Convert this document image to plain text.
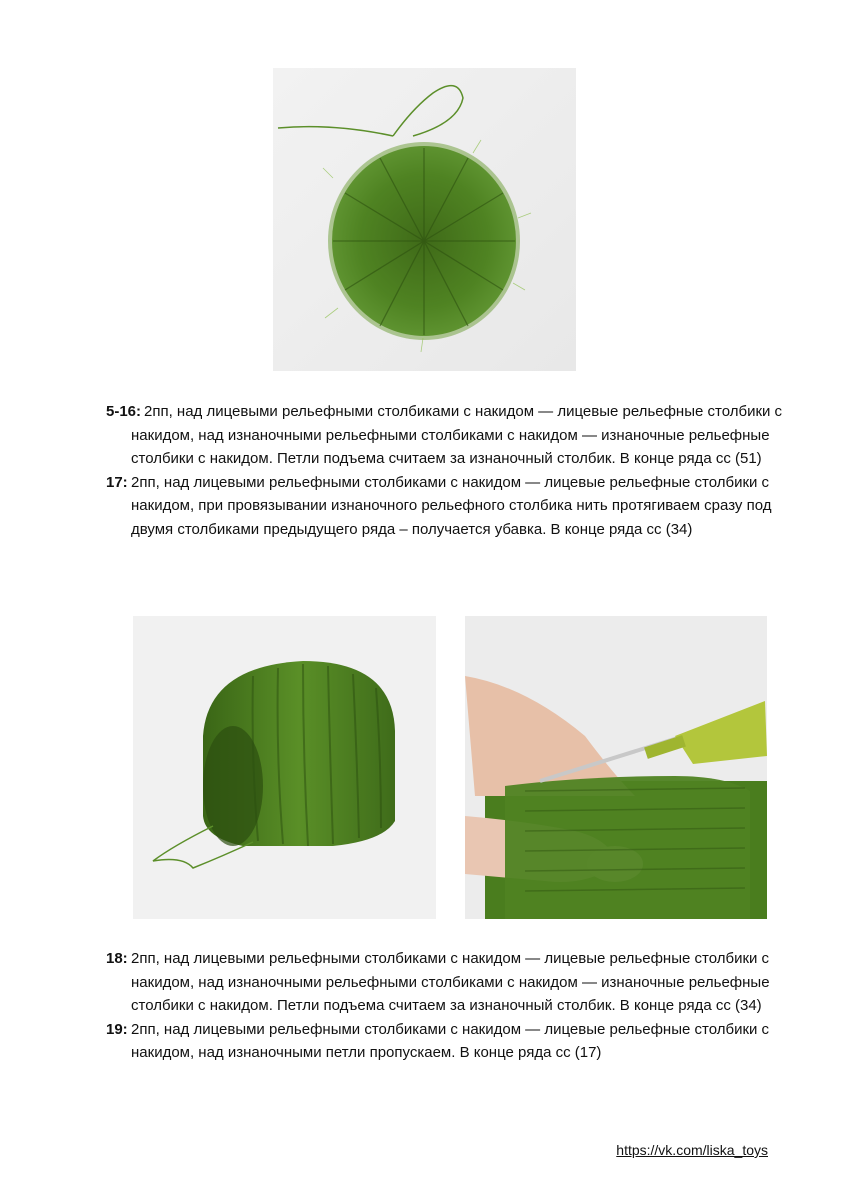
5-16: 2пп, над лицевыми рельефными столбиками с накидом — лицевые рельефные столбики с накидом, над изнаночными рельефными столбиками с накидом — изнаночные рельефные столбики с накидом. Петли подъема считаем за изнаночный столбик. В конце ряда сс (51)

17: 2пп, над лицевыми рельефными столбиками с накидом — лицевые рельефные столбики с накидом, при провязывании изнаночного рельефного столбика нить протягиваем сразу под двумя столбиками предыдущего ряда – получается убавка. В конце ряда сс (34)

18: 2пп, над лицевыми рельефными столбиками с накидом — лицевые рельефные столбики с накидом, над изнаночными рельефными столбиками с накидом — изнаночные рельефные столбики с накидом. Петли подъема считаем за изнаночный столбик. В конце ряда сс (34)

19: 2пп, над лицевыми рельефными столбиками с накидом — лицевые рельефные столбики с накидом, над изнаночными петли пропускаем. В конце ряда сс (17)

https://vk.com/liska_toys
